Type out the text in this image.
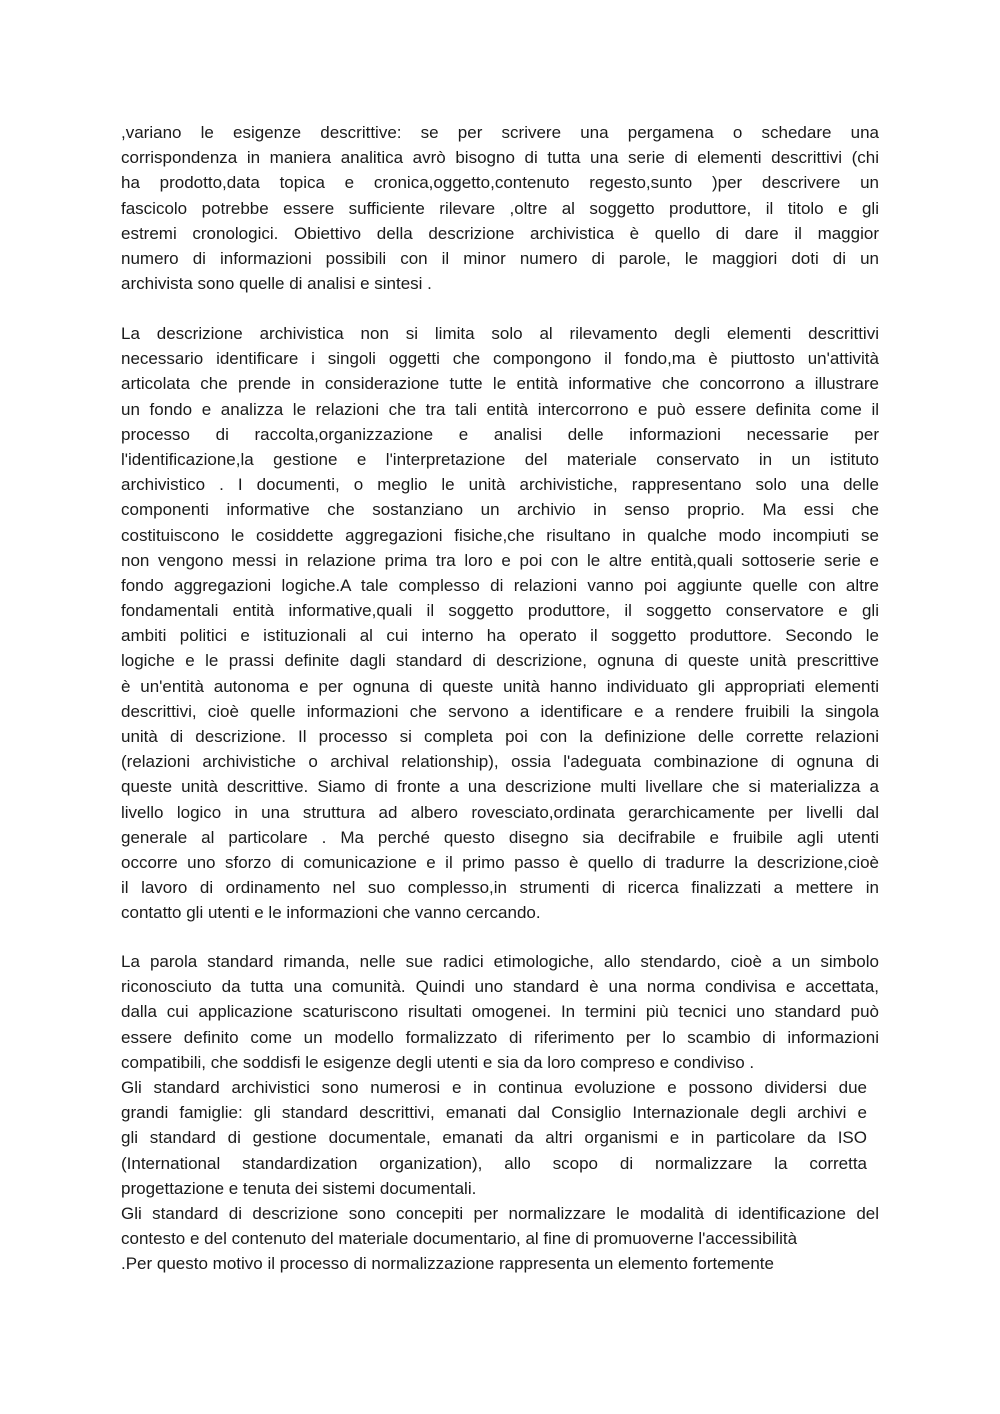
,variano le esigenze descrittive: se per scrivere una pergamena o schedare una
corrispondenza in maniera analitica avrò bisogno di tutta una serie di elementi descrittivi (chi
ha prodotto,data topica e cronica,oggetto,contenuto regesto,sunto )per descrivere un
fascicolo potrebbe essere sufficiente rilevare ,oltre al soggetto produttore, il titolo e gli
estremi cronologici. Obiettivo della descrizione archivistica è quello di dare il maggior
numero di informazioni possibili con il minor numero di parole, le maggiori doti di un
archivista sono quelle di analisi e sintesi .
La descrizione archivistica non si limita solo al rilevamento degli elementi descrittivi
necessario identificare i singoli oggetti che compongono il fondo,ma è piuttosto un'attività
articolata che prende in considerazione tutte le entità informative che concorrono a illustrare
un fondo e analizza le relazioni che tra tali entità intercorrono e può essere definita come il
processo di raccolta,organizzazione e analisi delle informazioni necessarie per
l'identificazione,la gestione e l'interpretazione del materiale conservato in un istituto
archivistico . I documenti, o meglio le unità archivistiche, rappresentano solo una delle
componenti informative che sostanziano un archivio in senso proprio. Ma essi che
costituiscono le cosiddette aggregazioni fisiche,che risultano in qualche modo incompiuti se
non vengono messi in relazione prima tra loro e poi con le altre entità,quali sottoserie serie e
fondo aggregazioni logiche.A tale complesso di relazioni vanno poi aggiunte quelle con altre
fondamentali entità informative,quali il soggetto produttore, il soggetto conservatore e gli
ambiti politici e istituzionali al cui interno ha operato il soggetto produttore. Secondo le
logiche e le prassi definite dagli standard di descrizione, ognuna di queste unità prescrittive
è un'entità autonoma e per ognuna di queste unità hanno individuato gli appropriati elementi
descrittivi, cioè quelle informazioni che servono a identificare e a rendere fruibili la singola
unità di descrizione. Il processo si completa poi con la definizione delle corrette relazioni
(relazioni archivistiche o archival relationship), ossia l'adeguata combinazione di ognuna di
queste unità descrittive. Siamo di fronte a una descrizione multi livellare che si materializza a
livello logico in una struttura ad albero rovesciato,ordinata gerarchicamente per livelli dal
generale al particolare . Ma perché questo disegno sia decifrabile e fruibile agli utenti
occorre uno sforzo di comunicazione e il primo passo è quello di tradurre la descrizione,cioè
il lavoro di ordinamento nel suo complesso,in strumenti di ricerca finalizzati a mettere in
contatto gli utenti e le informazioni che vanno cercando.
La parola standard rimanda, nelle sue radici etimologiche, allo stendardo, cioè a un simbolo
riconosciuto da tutta una comunità. Quindi uno standard è una norma condivisa e accettata,
dalla cui applicazione scaturiscono risultati omogenei. In termini più tecnici uno standard può
essere definito come un modello formalizzato di riferimento per lo scambio di informazioni
compatibili, che soddisfi le esigenze degli utenti e sia da loro compreso e condiviso .
Gli standard archivistici sono numerosi e in continua evoluzione e possono dividersi due
grandi famiglie: gli standard descrittivi, emanati dal Consiglio Internazionale degli archivi e
gli standard di gestione documentale, emanati da altri organismi e in particolare da ISO
(International standardization organization), allo scopo di normalizzare la corretta
progettazione e tenuta dei sistemi documentali.
Gli standard di descrizione sono concepiti per normalizzare le modalità di identificazione del
contesto e del contenuto del materiale documentario, al fine di promuoverne l'accessibilità
.Per questo motivo il processo di normalizzazione rappresenta un elemento fortemente
